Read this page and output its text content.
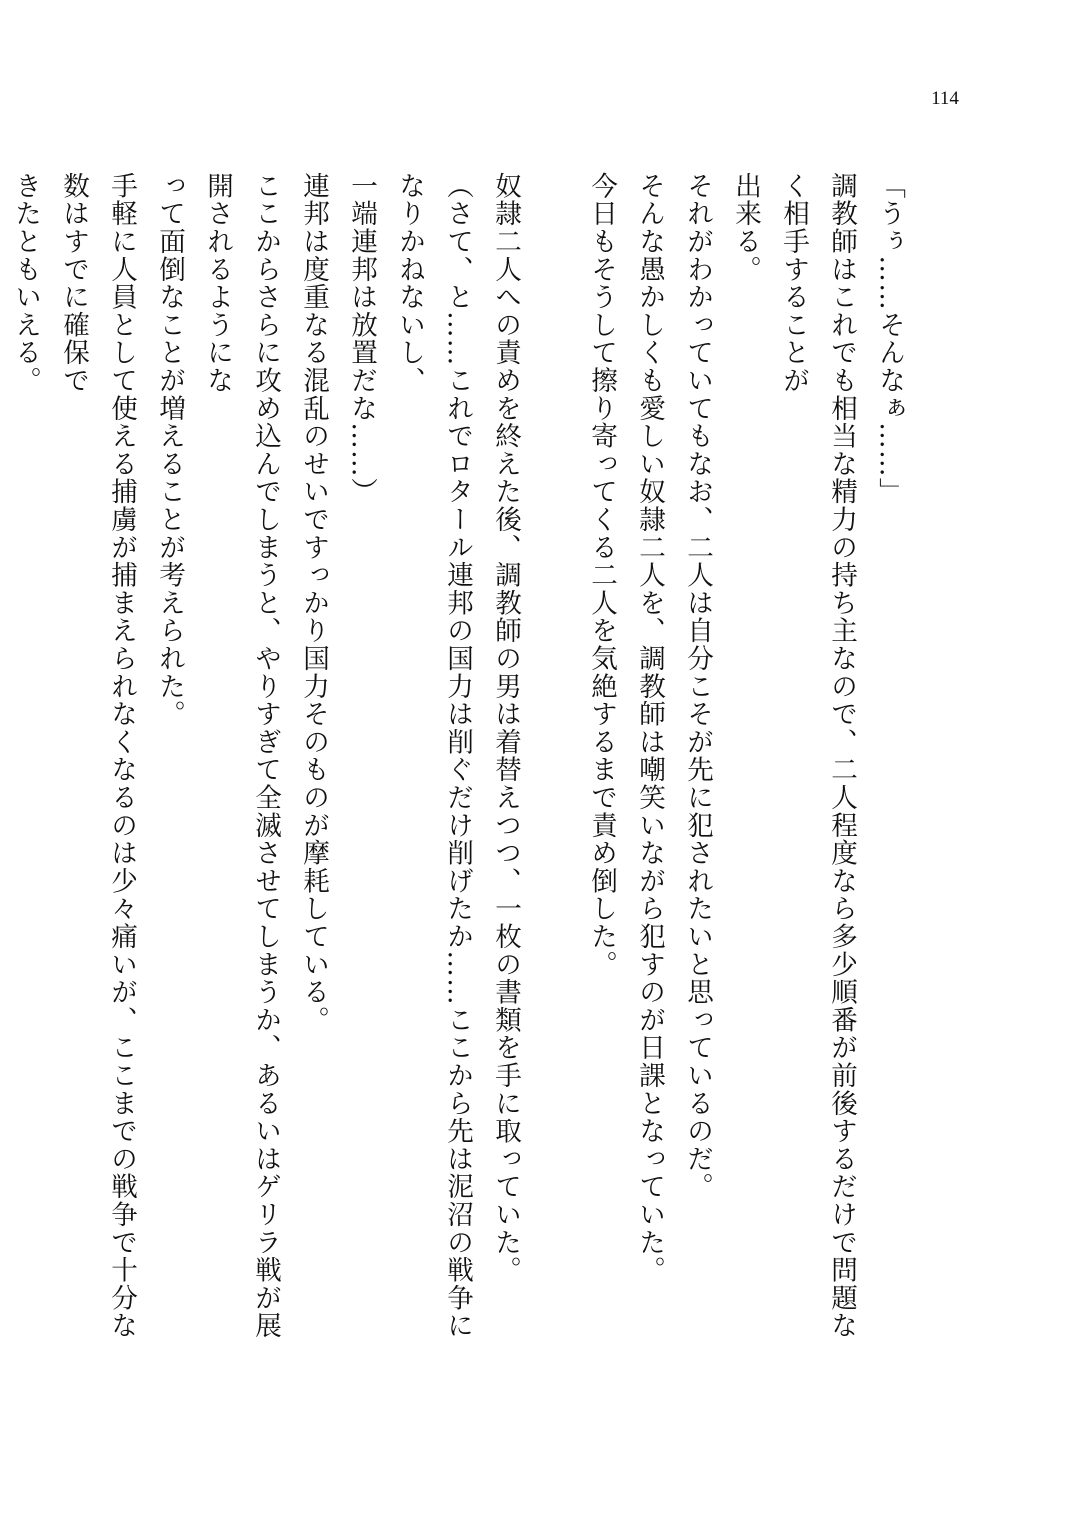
114
「うぅ……そんなぁ……」
調教師はこれでも相当な精力の持ち主なので、二人程度なら多少順番が前後するだけで問題なく相手することが
出来る。
それがわかっていてもなお、二人は自分こそが先に犯されたいと思っているのだ。
そんな愚かしくも愛しい奴隷二人を、調教師は嘲笑いながら犯すのが日課となっていた。
今日もそうして擦り寄ってくる二人を気絶するまで責め倒した。
奴隷二人への責めを終えた後、調教師の男は着替えつつ、一枚の書類を手に取っていた。
（さて、と……これでロタール連邦の国力は削ぐだけ削げたか……ここから先は泥沼の戦争になりかねないし、
一端連邦は放置だな……）
連邦は度重なる混乱のせいですっかり国力そのものが摩耗している。
ここからさらに攻め込んでしまうと、やりすぎて全滅させてしまうか、あるいはゲリラ戦が展開されるようにな
って面倒なことが増えることが考えられた。
手軽に人員として使える捕虜が捕まえられなくなるのは少々痛いが、ここまでの戦争で十分な数はすでに確保で
きたともいえる。
